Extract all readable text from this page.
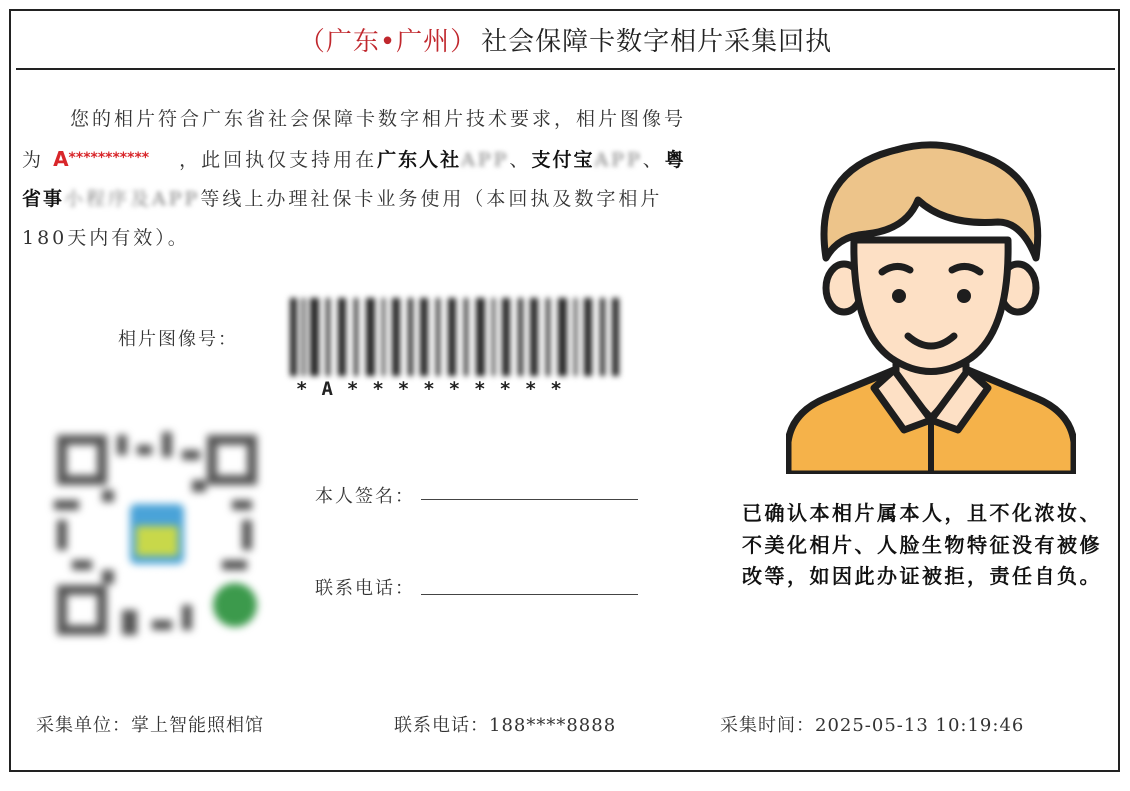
（广东•广州） 社会保障卡数字相片采集回执
您的相片符合广东省社会保障卡数字相片技术要求，相片图像号为 A*********** ，此回执仅支持用在广东人社APP、支付宝APP、粤省事小程序及APP等线上办理社保卡业务使用（本回执及数字相片180天内有效）。
相片图像号：
*A*********
本人签名：
联系电话：
已确认本相片属本人，且不化浓妆、不美化相片、人脸生物特征没有被修改等，如因此办证被拒，责任自负。
采集单位：掌上智能照相馆	联系电话：188****8888	采集时间：2025-05-13 10:19:46
